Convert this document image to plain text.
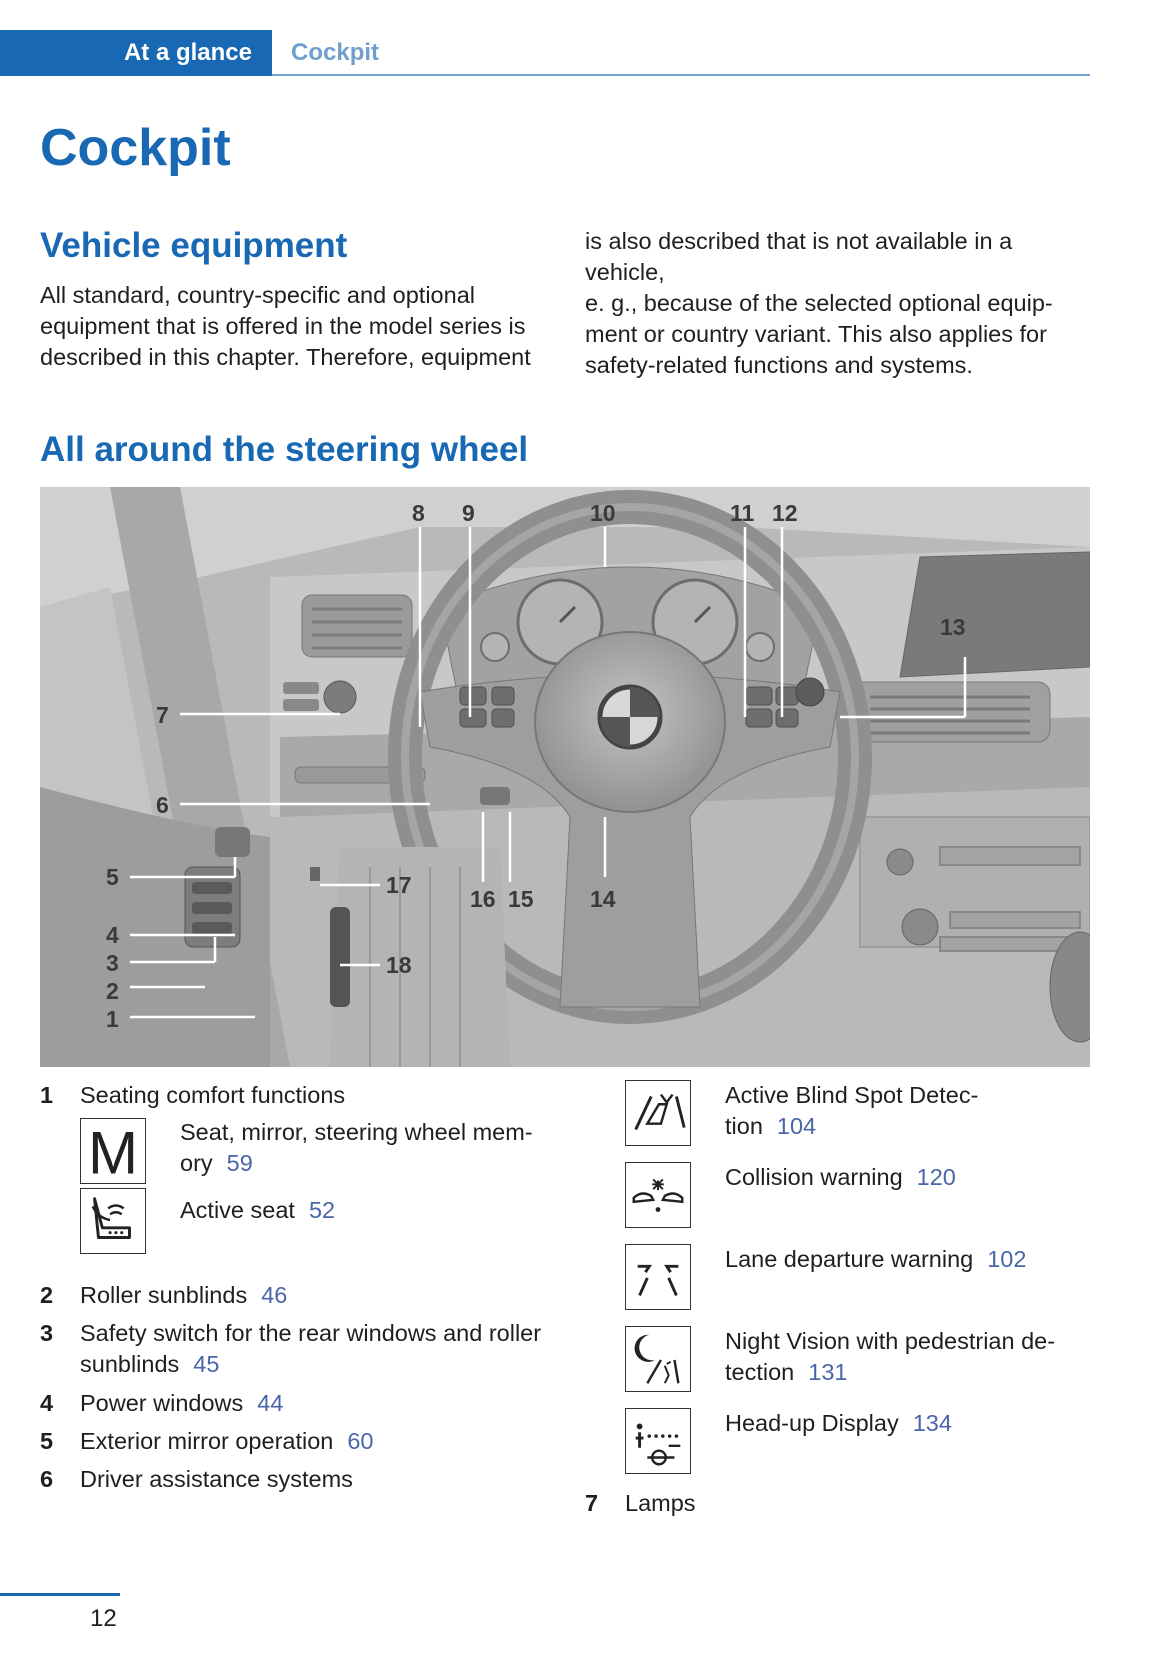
At a glance	Cockpit
Cockpit
Vehicle equipment
All standard, country-specific and optional
equipment that is offered in the model series is
described in this chapter. Therefore, equipment
is also described that is not available in a vehicle,
e. g., because of the selected optional equip-
ment or country variant. This also applies for
safety-related functions and systems.
All around the steering wheel
1
2
3
4
5
6
7
8 9	10	11 12
13
14
15
16
17
18
1 Seating comfort functions
M Seat, mirror, steering wheel mem-
ory 59
Active seat 52
2 Roller sunblinds 46
3 Safety switch for the rear windows and roller
sunblinds 45
4 Power windows 44
5 Exterior mirror operation 60
6 Driver assistance systems
Active Blind Spot Detec-
tion 104
Collision warning 120
Lane departure warning 102
Night Vision with pedestrian de-
tection 131
Head-up Display 134
7 Lamps
12
